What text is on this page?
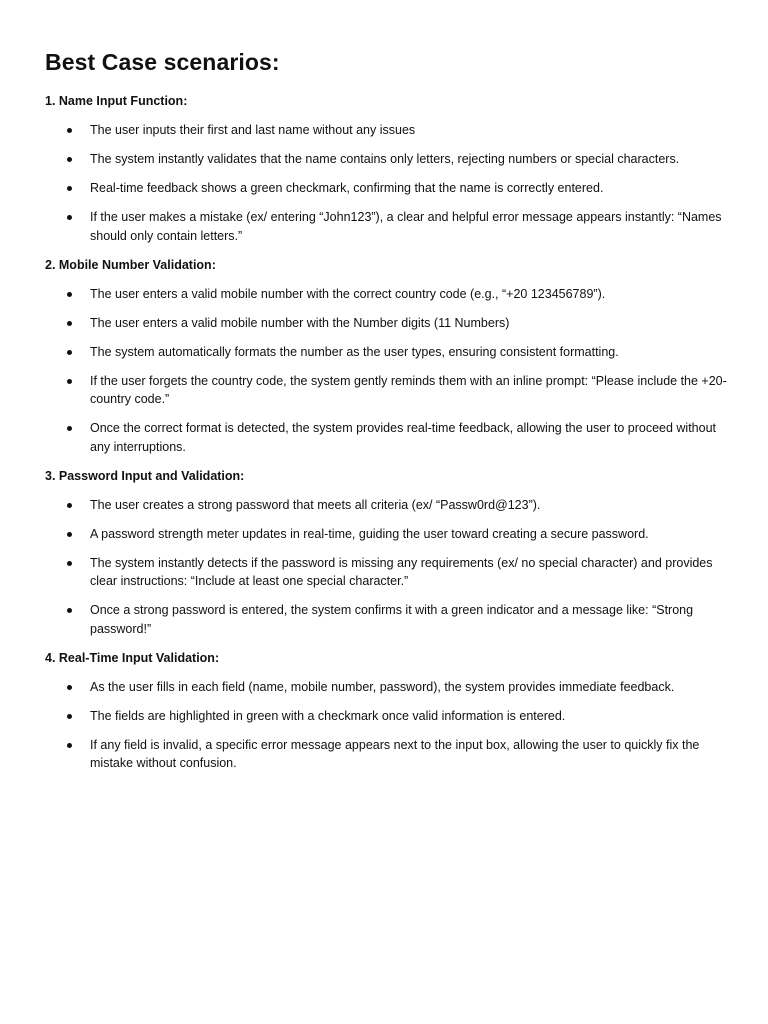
Best Case scenarios:
1. Name Input Function:
The user inputs their first and last name without any issues
The system instantly validates that the name contains only letters, rejecting numbers or special characters.
Real-time feedback shows a green checkmark, confirming that the name is correctly entered.
If the user makes a mistake (ex/ entering “John123”), a clear and helpful error message appears instantly: “Names should only contain letters.”
2. Mobile Number Validation:
The user enters a valid mobile number with the correct country code (e.g., “+20 123456789”).
The user enters a valid mobile number with the Number digits (11 Numbers)
The system automatically formats the number as the user types, ensuring consistent formatting.
If the user forgets the country code, the system gently reminds them with an inline prompt: “Please include the +20-country code.”
Once the correct format is detected, the system provides real-time feedback, allowing the user to proceed without any interruptions.
3. Password Input and Validation:
The user creates a strong password that meets all criteria (ex/ “Passw0rd@123”).
A password strength meter updates in real-time, guiding the user toward creating a secure password.
The system instantly detects if the password is missing any requirements (ex/ no special character) and provides clear instructions: “Include at least one special character.”
Once a strong password is entered, the system confirms it with a green indicator and a message like: “Strong password!”
4. Real-Time Input Validation:
As the user fills in each field (name, mobile number, password), the system provides immediate feedback.
The fields are highlighted in green with a checkmark once valid information is entered.
If any field is invalid, a specific error message appears next to the input box, allowing the user to quickly fix the mistake without confusion.
